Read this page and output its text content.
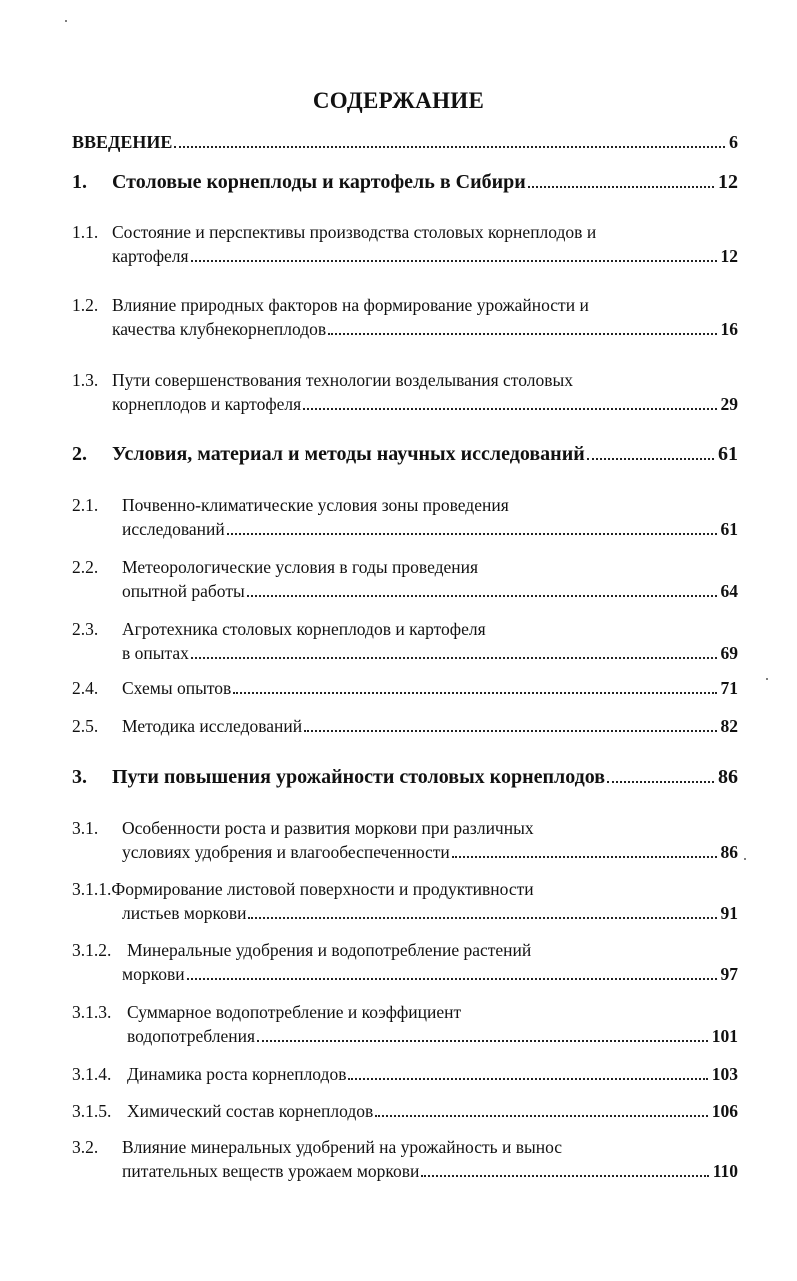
СОДЕРЖАНИЕ
ВВЕДЕНИЕ	6
1.	Столовые корнеплоды и картофель в Сибири	12
1.1. Состояние и перспективы производства столовых корнеплодов и
картофеля	12
1.2. Влияние природных факторов на формирование урожайности и
качества клубнекорнеплодов	16
1.3. Пути совершенствования технологии возделывания столовых
корнеплодов и картофеля	29
2.	Условия, материал и методы научных исследований	61
2.1.	Почвенно-климатические условия зоны проведения
исследований	61
2.2.	Метеорологические условия в годы проведения
опытной работы	64
2.3.	Агротехника столовых корнеплодов и картофеля
в опытах	69
2.4.	Схемы опытов	71
2.5.	Методика исследований	82
3.	Пути повышения урожайности столовых корнеплодов	86
3.1.	Особенности роста и развития моркови при различных
условиях удобрения и влагообеспеченности	86
3.1.1. Формирование листовой поверхности и продуктивности
листьев моркови	91
3.1.2. Минеральные удобрения и водопотребление растений
моркови	97
3.1.3. Суммарное водопотребление и коэффициент
водопотребления	101
3.1.4. Динамика роста корнеплодов	103
3.1.5. Химический состав корнеплодов	106
3.2.	Влияние минеральных удобрений на урожайность и вынос
питательных веществ урожаем моркови	110
